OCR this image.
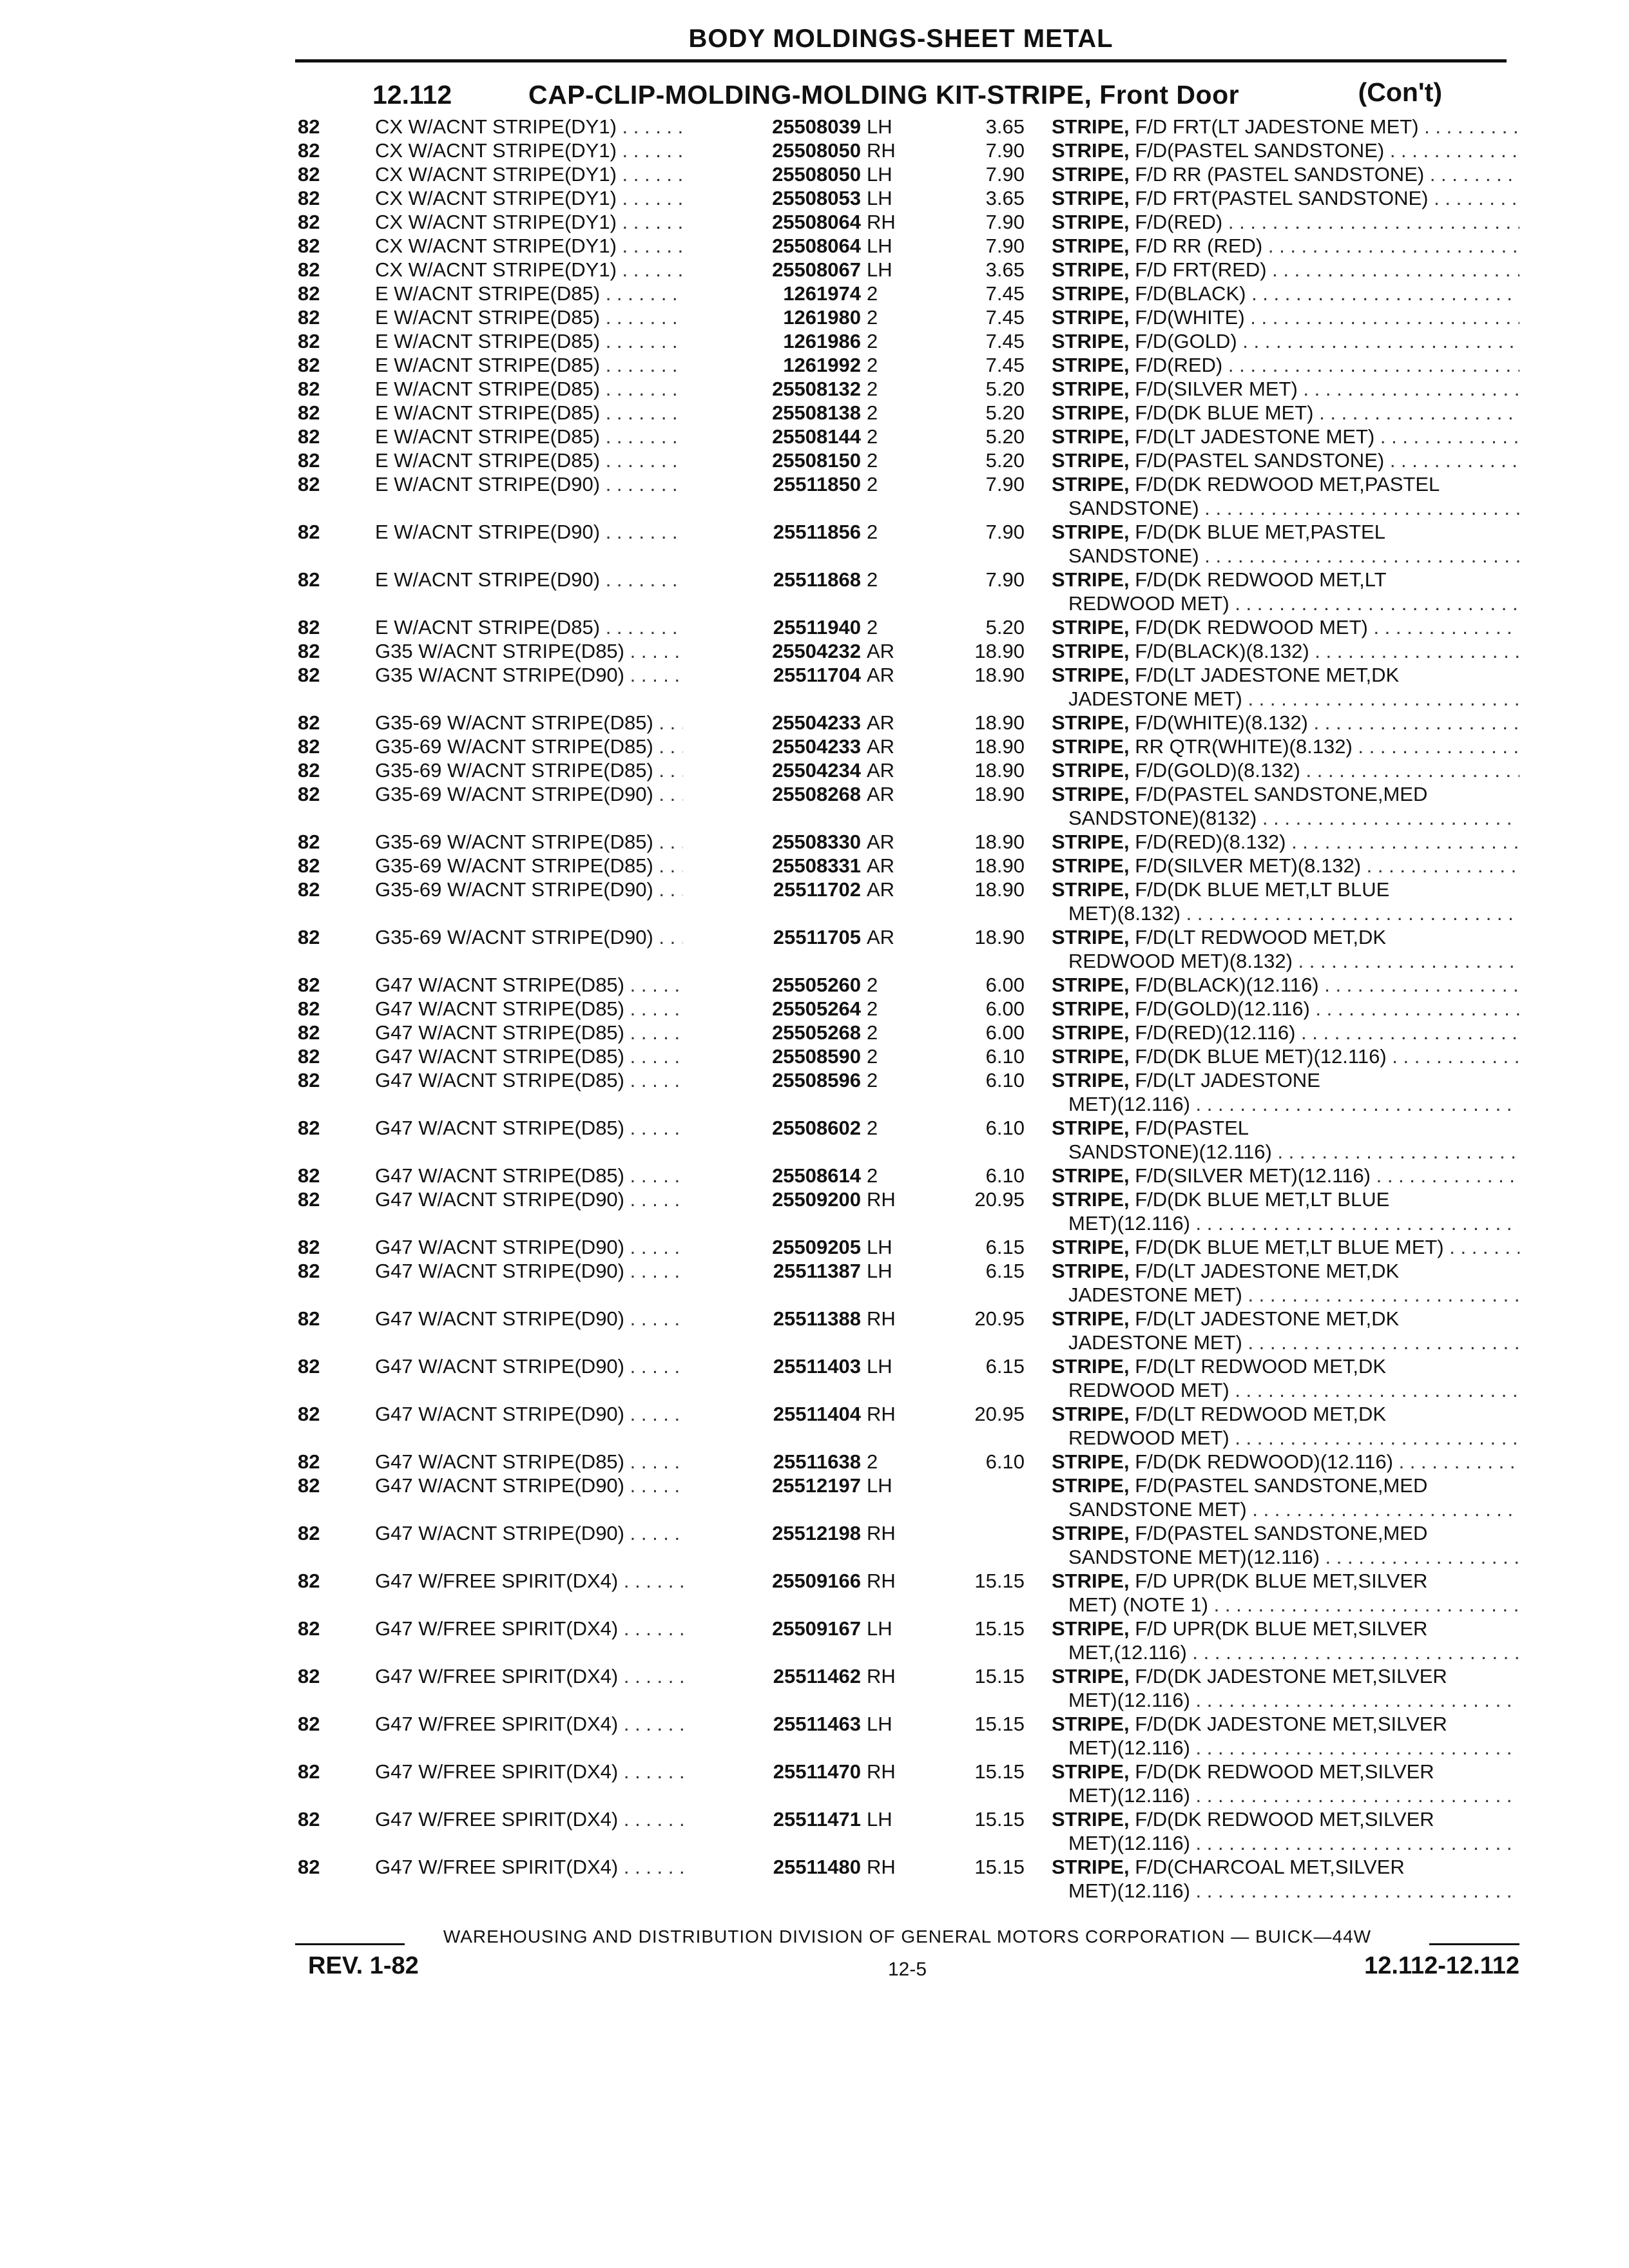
BODY MOLDINGS-SHEET METAL
12.112	CAP-CLIP-MOLDING-MOLDING KIT-STRIPE, Front Door	(Con't)
82	CX W/ACNT STRIPE(DY1) . . .	25508039 LH	3.65 STRIPE, F/D FRT(LT JADESTONE MET) . . .
82	CX W/ACNT STRIPE(DY1) . . .	25508050 RH	7.90 STRIPE, F/D(PASTEL SANDSTONE) . . .
82	CX W/ACNT STRIPE(DY1) . . .	25508050 LH	7.90 STRIPE, F/D RR (PASTEL SANDSTONE) . . .
82	CX W/ACNT STRIPE(DY1) . . .	25508053 LH	3.65 STRIPE, F/D FRT(PASTEL SANDSTONE) . . .
82	CX W/ACNT STRIPE(DY1) . . .	25508064 RH	7.90 STRIPE, F/D(RED) . . .
82	CX W/ACNT STRIPE(DY1) . . .	25508064 LH	7.90 STRIPE, F/D RR (RED) . . .
82	CX W/ACNT STRIPE(DY1) . . .	25508067 LH	3.65 STRIPE, F/D FRT(RED) . . .
82	E W/ACNT STRIPE(D85) . . .	1261974 2	7.45 STRIPE, F/D(BLACK) . . .
82	E W/ACNT STRIPE(D85) . . .	1261980 2	7.45 STRIPE, F/D(WHITE) . . .
82	E W/ACNT STRIPE(D85) . . .	1261986 2	7.45 STRIPE, F/D(GOLD) . . .
82	E W/ACNT STRIPE(D85) . . .	1261992 2	7.45 STRIPE, F/D(RED) . . .
82	E W/ACNT STRIPE(D85) . . .	25508132 2	5.20 STRIPE, F/D(SILVER MET) . . .
82	E W/ACNT STRIPE(D85) . . .	25508138 2	5.20 STRIPE, F/D(DK BLUE MET) . . .
82	E W/ACNT STRIPE(D85) . . .	25508144 2	5.20 STRIPE, F/D(LT JADESTONE MET) . . .
82	E W/ACNT STRIPE(D85) . . .	25508150 2	5.20 STRIPE, F/D(PASTEL SANDSTONE) . . .
82	E W/ACNT STRIPE(D90) . . .	25511850 2	7.90 STRIPE, F/D(DK REDWOOD MET,PASTEL
SANDSTONE) . . .
82	E W/ACNT STRIPE(D90) . . .	25511856 2	7.90 STRIPE, F/D(DK BLUE MET,PASTEL
SANDSTONE) . . .
82	E W/ACNT STRIPE(D90) . . .	25511868 2	7.90 STRIPE, F/D(DK REDWOOD MET,LT
REDWOOD MET) . . .
82	E W/ACNT STRIPE(D85) . . .	25511940 2	5.20 STRIPE, F/D(DK REDWOOD MET) . . .
82	G35 W/ACNT STRIPE(D85) . . .	25504232 AR	18.90 STRIPE, F/D(BLACK)(8.132) . . .
82	G35 W/ACNT STRIPE(D90) . . .	25511704 AR	18.90 STRIPE, F/D(LT JADESTONE MET,DK
JADESTONE MET) . . .
82	G35-69 W/ACNT STRIPE(D85) . . .	25504233 AR	18.90 STRIPE, F/D(WHITE)(8.132) . . .
82	G35-69 W/ACNT STRIPE(D85) . . .	25504233 AR	18.90 STRIPE, RR QTR(WHITE)(8.132) . . .
82	G35-69 W/ACNT STRIPE(D85) . . .	25504234 AR	18.90 STRIPE, F/D(GOLD)(8.132) . . .
82	G35-69 W/ACNT STRIPE(D90) . . .	25508268 AR	18.90 STRIPE, F/D(PASTEL SANDSTONE,MED
SANDSTONE)(8132) . . .
82	G35-69 W/ACNT STRIPE(D85) . . .	25508330 AR	18.90 STRIPE, F/D(RED)(8.132) . . .
82	G35-69 W/ACNT STRIPE(D85) . . .	25508331 AR	18.90 STRIPE, F/D(SILVER MET)(8.132) . . .
82	G35-69 W/ACNT STRIPE(D90) . . .	25511702 AR	18.90 STRIPE, F/D(DK BLUE MET,LT BLUE
MET)(8.132) . . .
82	G35-69 W/ACNT STRIPE(D90) . . .	25511705 AR	18.90 STRIPE, F/D(LT REDWOOD MET,DK
REDWOOD MET)(8.132) . . .
82	G47 W/ACNT STRIPE(D85) . . .	25505260 2	6.00 STRIPE, F/D(BLACK)(12.116) . . .
82	G47 W/ACNT STRIPE(D85) . . .	25505264 2	6.00 STRIPE, F/D(GOLD)(12.116) . . .
82	G47 W/ACNT STRIPE(D85) . . .	25505268 2	6.00 STRIPE, F/D(RED)(12.116) . . .
82	G47 W/ACNT STRIPE(D85) . . .	25508590 2	6.10 STRIPE, F/D(DK BLUE MET)(12.116) . . .
82	G47 W/ACNT STRIPE(D85) . . .	25508596 2	6.10 STRIPE, F/D(LT JADESTONE
MET)(12.116) . . .
82	G47 W/ACNT STRIPE(D85) . . .	25508602 2	6.10 STRIPE, F/D(PASTEL
SANDSTONE)(12.116) . . .
82	G47 W/ACNT STRIPE(D85) . . .	25508614 2	6.10 STRIPE, F/D(SILVER MET)(12.116) . . .
82	G47 W/ACNT STRIPE(D90) . . .	25509200 RH	20.95 STRIPE, F/D(DK BLUE MET,LT BLUE
MET)(12.116) . . .
82	G47 W/ACNT STRIPE(D90) . . .	25509205 LH	6.15 STRIPE, F/D(DK BLUE MET,LT BLUE MET) . . .
82	G47 W/ACNT STRIPE(D90) . . .	25511387 LH	6.15 STRIPE, F/D(LT JADESTONE MET,DK
JADESTONE MET) . . .
82	G47 W/ACNT STRIPE(D90) . . .	25511388 RH	20.95 STRIPE, F/D(LT JADESTONE MET,DK
JADESTONE MET) . . .
82	G47 W/ACNT STRIPE(D90) . . .	25511403 LH	6.15 STRIPE, F/D(LT REDWOOD MET,DK
REDWOOD MET) . . .
82	G47 W/ACNT STRIPE(D90) . . .	25511404 RH	20.95 STRIPE, F/D(LT REDWOOD MET,DK
REDWOOD MET) . . .
82	G47 W/ACNT STRIPE(D85) . . .	25511638 2	6.10 STRIPE, F/D(DK REDWOOD)(12.116) . . .
82	G47 W/ACNT STRIPE(D90) . . .	25512197 LH	STRIPE, F/D(PASTEL SANDSTONE,MED
SANDSTONE MET) . . .
82	G47 W/ACNT STRIPE(D90) . . .	25512198 RH	STRIPE, F/D(PASTEL SANDSTONE,MED
SANDSTONE MET)(12.116) . . .
82	G47 W/FREE SPIRIT(DX4) . . .	25509166 RH	15.15 STRIPE, F/D UPR(DK BLUE MET,SILVER
MET) (NOTE 1) . . .
82	G47 W/FREE SPIRIT(DX4) . . .	25509167 LH	15.15 STRIPE, F/D UPR(DK BLUE MET,SILVER
MET,(12.116) . . .
82	G47 W/FREE SPIRIT(DX4) . . .	25511462 RH	15.15 STRIPE, F/D(DK JADESTONE MET,SILVER
MET)(12.116) . . .
82	G47 W/FREE SPIRIT(DX4) . . .	25511463 LH	15.15 STRIPE, F/D(DK JADESTONE MET,SILVER
MET)(12.116) . . .
82	G47 W/FREE SPIRIT(DX4) . . .	25511470 RH	15.15 STRIPE, F/D(DK REDWOOD MET,SILVER
MET)(12.116) . . .
82	G47 W/FREE SPIRIT(DX4) . . .	25511471 LH	15.15 STRIPE, F/D(DK REDWOOD MET,SILVER
MET)(12.116) . . .
82	G47 W/FREE SPIRIT(DX4) . . .	25511480 RH	15.15 STRIPE, F/D(CHARCOAL MET,SILVER
MET)(12.116) . . .
WAREHOUSING AND DISTRIBUTION DIVISION OF GENERAL MOTORS CORPORATION — BUICK—44W
REV. 1-82	12-5	12.112-12.112
